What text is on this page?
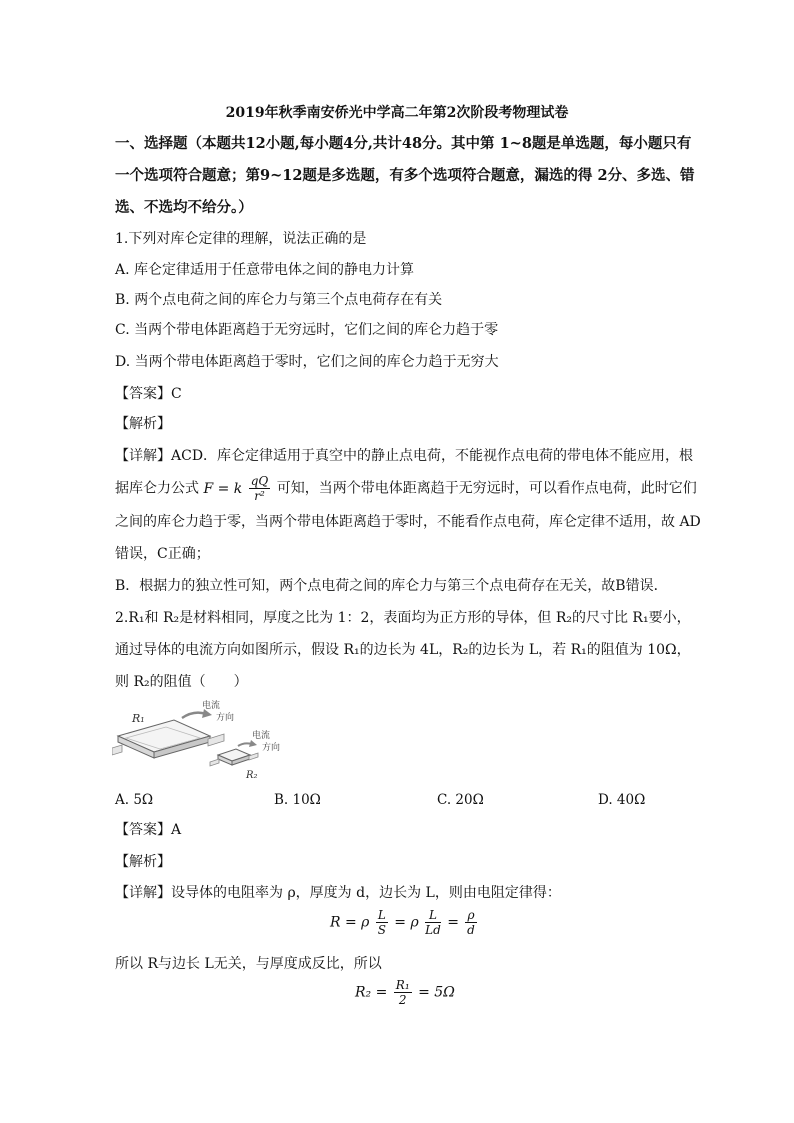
2019年秋季南安侨光中学高二年第2次阶段考物理试卷
一、选择题（本题共12小题,每小题4分,共计48分。其中第 1~8题是单选题，每小题只有
一个选项符合题意；第9~12题是多选题，有多个选项符合题意，漏选的得 2分、多选、错
选、不选均不给分。）
1.下列对库仑定律的理解，说法正确的是
A. 库仑定律适用于任意带电体之间的静电力计算
B. 两个点电荷之间的库仑力与第三个点电荷存在有关
C. 当两个带电体距离趋于无穷远时，它们之间的库仑力趋于零
D. 当两个带电体距离趋于零时，它们之间的库仑力趋于无穷大
【答案】C
【解析】
【详解】ACD．库仑定律适用于真空中的静止点电荷，不能视作点电荷的带电体不能应用，根
据库仑力公式 F = k $\frac{qQ}{\text{r²}}$ 可知，当两个带电体距离趋于无穷远时，可以看作点电荷，此时它们
之间的库仑力趋于零，当两个带电体距离趋于零时，不能看作点电荷，库仑定律不适用，故 AD
错误，C正确；
B．根据力的独立性可知，两个点电荷之间的库仑力与第三个点电荷存在无关，故B错误．
2.R₁和 R₂是材料相同，厚度之比为 1：2，表面均为正方形的导体，但 R₂的尺寸比 R₁要小，
通过导体的电流方向如图所示，假设 R₁的边长为 4L，R₂的边长为 L，若 R₁的阻值为 10Ω，
则 R₂的阻值（　　）
R₁
R₂
电流
方向
电流
方向
A. 5Ω	B. 10Ω	C. 20Ω	D. 40Ω
【答案】A
【解析】
【详解】设导体的电阻率为 ρ，厚度为 d，边长为 L，则由电阻定律得：
R = ρ $\frac{L}{S} = \rho \frac{L}{Ld} = \frac{\rho}{d}$
所以 R与边长 L无关，与厚度成反比，所以
$R_2 = \frac{\text{R₁}}{2} = 5\Omega$
